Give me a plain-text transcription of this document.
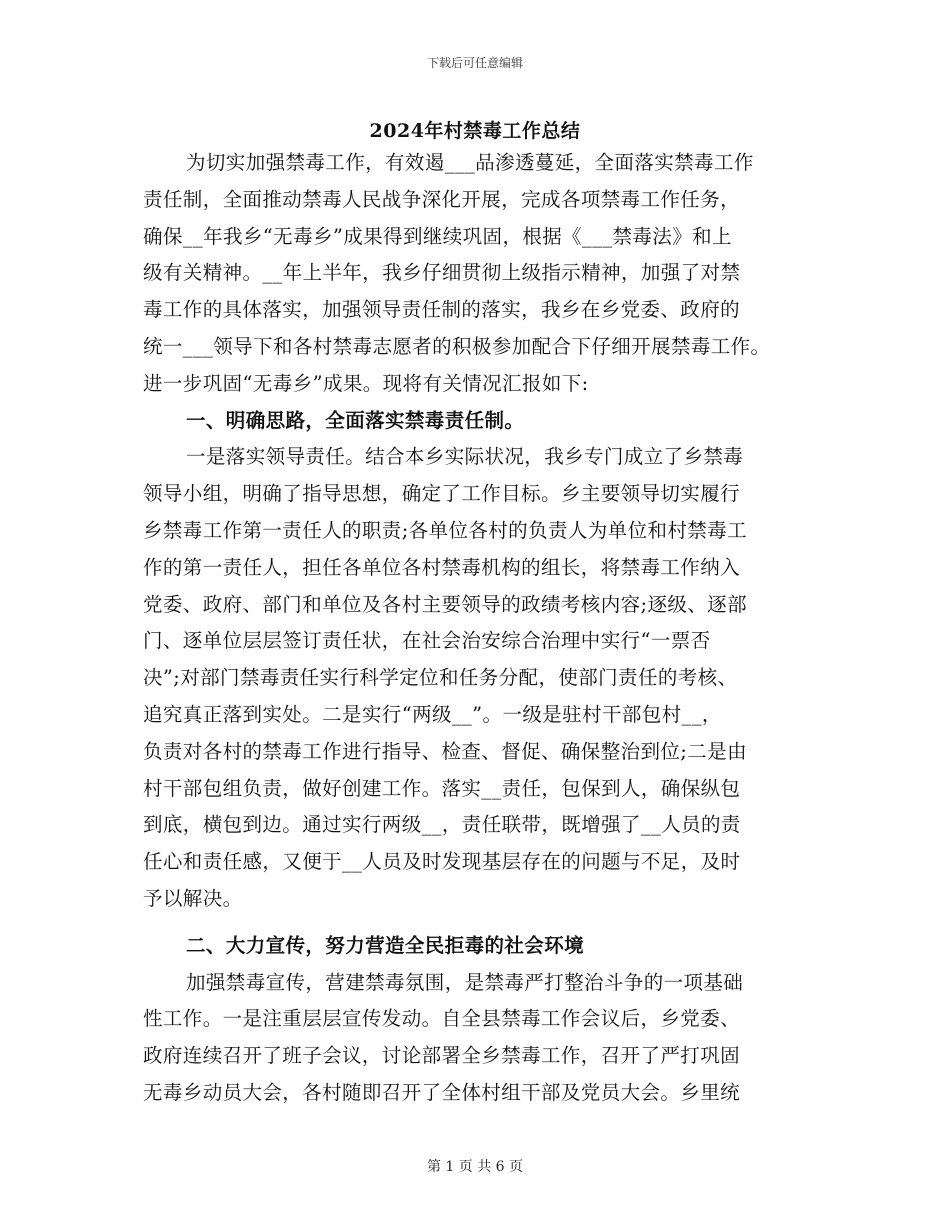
下载后可任意编辑
2024年村禁毒工作总结
为切实加强禁毒工作，有效遏___品渗透蔓延，全面落实禁毒工作
责任制，全面推动禁毒人民战争深化开展，完成各项禁毒工作任务，
确保__年我乡“无毒乡”成果得到继续巩固，根据《___禁毒法》和上
级有关精神。__年上半年，我乡仔细贯彻上级指示精神，加强了对禁
毒工作的具体落实，加强领导责任制的落实，我乡在乡党委、政府的
统一___领导下和各村禁毒志愿者的积极参加配合下仔细开展禁毒工作。
进一步巩固“无毒乡”成果。现将有关情况汇报如下:
一、明确思路，全面落实禁毒责任制。
一是落实领导责任。结合本乡实际状况，我乡专门成立了乡禁毒
领导小组，明确了指导思想，确定了工作目标。乡主要领导切实履行
乡禁毒工作第一责任人的职责;各单位各村的负责人为单位和村禁毒工
作的第一责任人，担任各单位各村禁毒机构的组长，将禁毒工作纳入
党委、政府、部门和单位及各村主要领导的政绩考核内容;逐级、逐部
门、逐单位层层签订责任状，在社会治安综合治理中实行“一票否
决”;对部门禁毒责任实行科学定位和任务分配，使部门责任的考核、
追究真正落到实处。二是实行“两级__”。一级是驻村干部包村__，
负责对各村的禁毒工作进行指导、检查、督促、确保整治到位;二是由
村干部包组负责，做好创建工作。落实__责任，包保到人，确保纵包
到底，横包到边。通过实行两级__，责任联带，既增强了__人员的责
任心和责任感，又便于__人员及时发现基层存在的问题与不足，及时
予以解决。
二、大力宣传，努力营造全民拒毒的社会环境
加强禁毒宣传，营建禁毒氛围，是禁毒严打整治斗争的一项基础
性工作。一是注重层层宣传发动。自全县禁毒工作会议后，乡党委、
政府连续召开了班子会议，讨论部署全乡禁毒工作，召开了严打巩固
无毒乡动员大会，各村随即召开了全体村组干部及党员大会。乡里统
第 1 页 共 6 页
